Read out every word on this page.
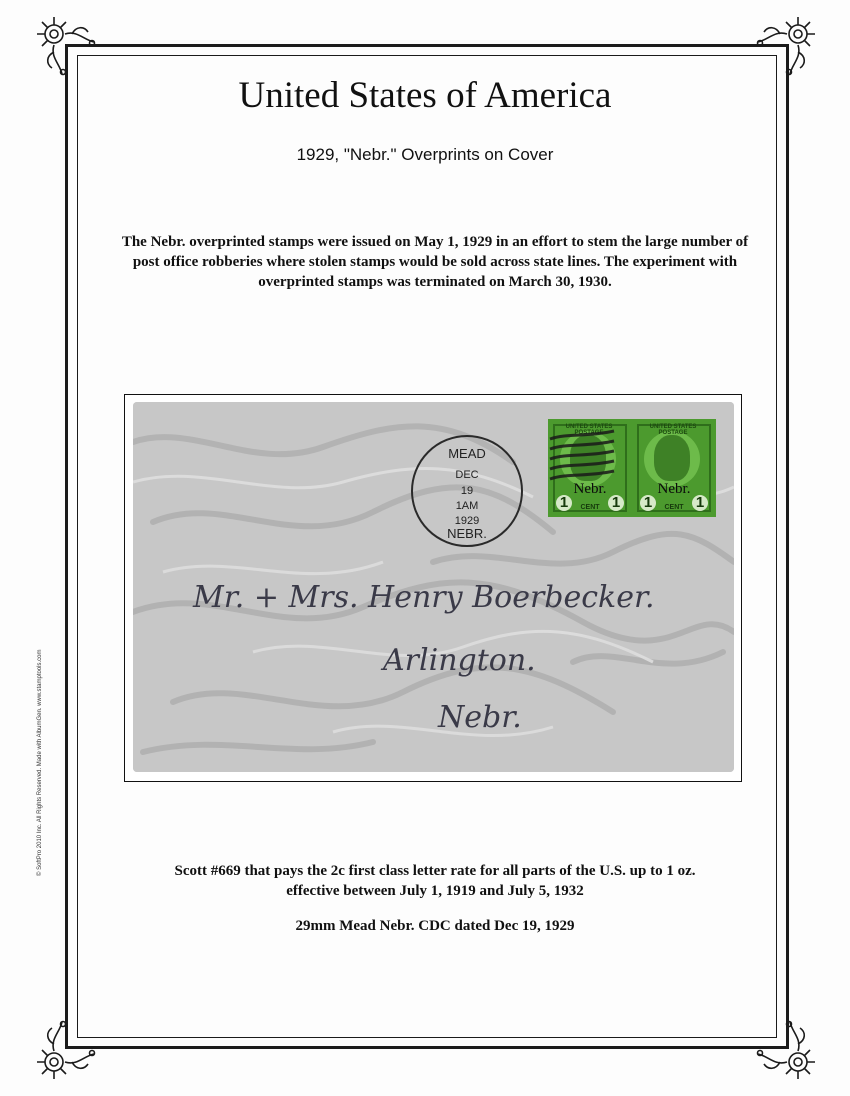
United States of America
1929, "Nebr." Overprints on Cover
The Nebr. overprinted stamps were issued on May 1, 1929 in an effort to stem the large number of post office robberies where stolen stamps would be sold across state lines. The experiment with overprinted stamps was terminated on March 30, 1930.
MEAD
NEBR.
DEC
19
1AM
1929
UNITED STATES POSTAGE
Nebr.
1	CENT 1
UNITED STATES POSTAGE
Nebr.
1	CENT 1
Mr. + Mrs. Henry Boerbecker.
Arlington.
Nebr.
Scott #669 that pays the 2c first class letter rate for all parts of the U.S. up to 1 oz.
effective between July 1, 1919 and July 5, 1932
29mm Mead Nebr. CDC dated Dec 19, 1929
© SoftPro 2010 Inc. All Rights Reserved. Made with AlbumGen. www.stamptools.com
